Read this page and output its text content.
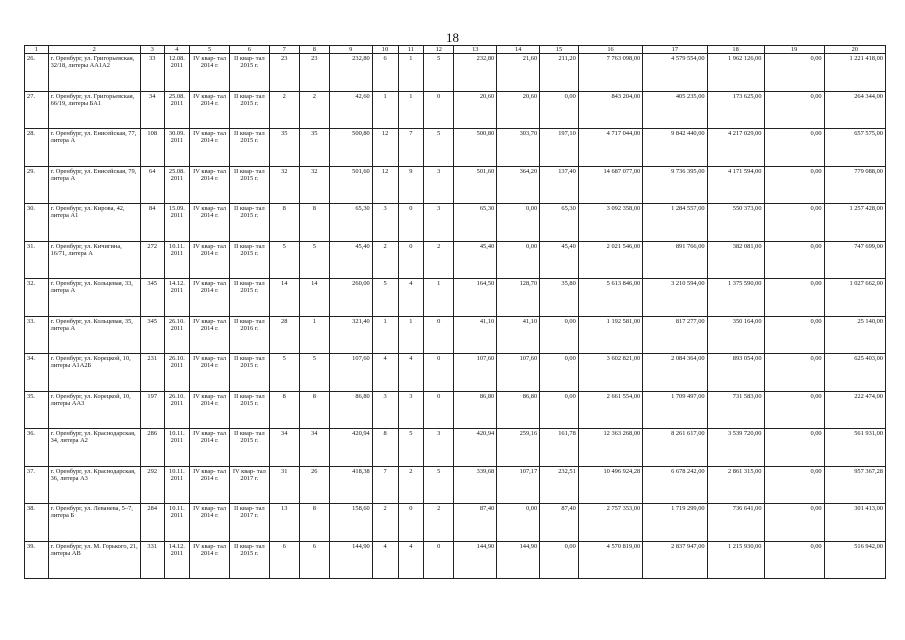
18
1	2	3	4	5	6	7	8	9	10	11	12	13	14	15	16	17	18	19	20
26.	г. Оренбург, ул. Григорьевская, 32/18, литеры АА1А2	33	12.08. 2011	IV квар- тал 2014 г.	II квар- тал 2015 г.	23	23	232,80	6	1	5	232,80	21,60	211,20	7 763 098,00	4 579 554,00	1 962 126,00	0,00	1 221 418,00
27.	г. Оренбург, ул. Григорьевская, 66/19, литеры БА1	34	25.08. 2011	IV квар- тал 2014 г.	II квар- тал 2015 г.	2	2	42,60	1	1	0	20,60	20,60	0,00	843 204,00	405 235,00	173 625,00	0,00	264 344,00
28.	г. Оренбург, ул. Енисейская, 77, литера А	108	30.09. 2011	IV квар- тал 2014 г.	II квар- тал 2015 г.	35	35	500,80	12	7	5	500,80	303,70	197,10	4 717 044,00	9 842 440,00	4 217 029,00	0,00	657 575,00
29.	г. Оренбург, ул. Енисейская, 79, литера А	64	25.08. 2011	IV квар- тал 2014 г.	II квар- тал 2015 г.	32	32	501,60	12	9	3	501,60	364,20	137,40	14 687 077,00	9 736 395,00	4 171 594,00	0,00	779 088,00
30.	г. Оренбург, ул. Кирова, 42, литера А1	84	15.09. 2011	IV квар- тал 2014 г.	II квар- тал 2015 г.	8	8	65,30	3	0	3	65,30	0,00	65,30	3 092 358,00	1 284 557,00	550 373,00	0,00	1 257 428,00
31.	г. Оренбург, ул. Кичигина, 16/71, литера А	272	10.11. 2011	IV квар- тал 2014 г.	II квар- тал 2015 г.	5	5	45,40	2	0	2	45,40	0,00	45,40	2 021 546,00	891 766,00	382 081,00	0,00	747 699,00
32.	г. Оренбург, ул. Кольцевая, 33, литера А	345	14.12. 2011	IV квар- тал 2014 г.	II квар- тал 2015 г.	14	14	260,00	5	4	1	164,50	128,70	35,80	5 613 846,00	3 210 594,00	1 375 590,00	0,00	1 027 662,00
33.	г. Оренбург, ул. Кольцевая, 35, литера А	345	26.10. 2011	IV квар- тал 2014 г.	II квар- тал 2016 г.	28	1	321,40	1	1	0	41,10	41,10	0,00	1 192 581,00	817 277,00	350 164,00	0,00	25 140,00
34.	г. Оренбург, ул. Корецкой, 10, литеры А1А2Б	231	26.10. 2011	IV квар- тал 2014 г.	II квар- тал 2015 г.	5	5	107,60	4	4	0	107,60	107,60	0,00	3 602 821,00	2 084 364,00	893 054,00	0,00	625 403,00
35.	г. Оренбург, ул. Корецкой, 10, литеры АА3	197	26.10. 2011	IV квар- тал 2014 г.	II квар- тал 2015 г.	8	8	86,80	3	3	0	86,80	86,80	0,00	2 661 554,00	1 709 497,00	731 583,00	0,00	222 474,00
36.	г. Оренбург, ул. Краснодарская, 34, литера А2	286	10.11. 2011	IV квар- тал 2014 г.	II квар- тал 2015 г.	34	34	420,94	8	5	3	420,94	259,16	161,78	12 363 268,00	8 261 617,00	3 539 720,00	0,00	561 931,00
37.	г. Оренбург, ул. Краснодарская, 36, литера А3	292	10.11. 2011	IV квар- тал 2014 г.	IV квар- тал 2017 г.	31	26	418,38	7	2	5	339,68	107,17	232,51	10 496 924,28	6 678 242,00	2 861 315,00	0,00	957 367,28
38.	г. Оренбург, ул. Леванева, 5–7, литера Б	284	10.11. 2011	IV квар- тал 2014 г.	II квар- тал 2017 г.	13	8	158,60	2	0	2	87,40	0,00	87,40	2 757 353,00	1 719 299,00	736 641,00	0,00	301 413,00
39.	г. Оренбург, ул. М. Горького, 21, литеры АВ	331	14.12. 2011	IV квар- тал 2014 г.	II квар- тал 2015 г.	6	6	144,90	4	4	0	144,90	144,90	0,00	4 570 819,00	2 837 947,00	1 215 930,00	0,00	516 942,00
